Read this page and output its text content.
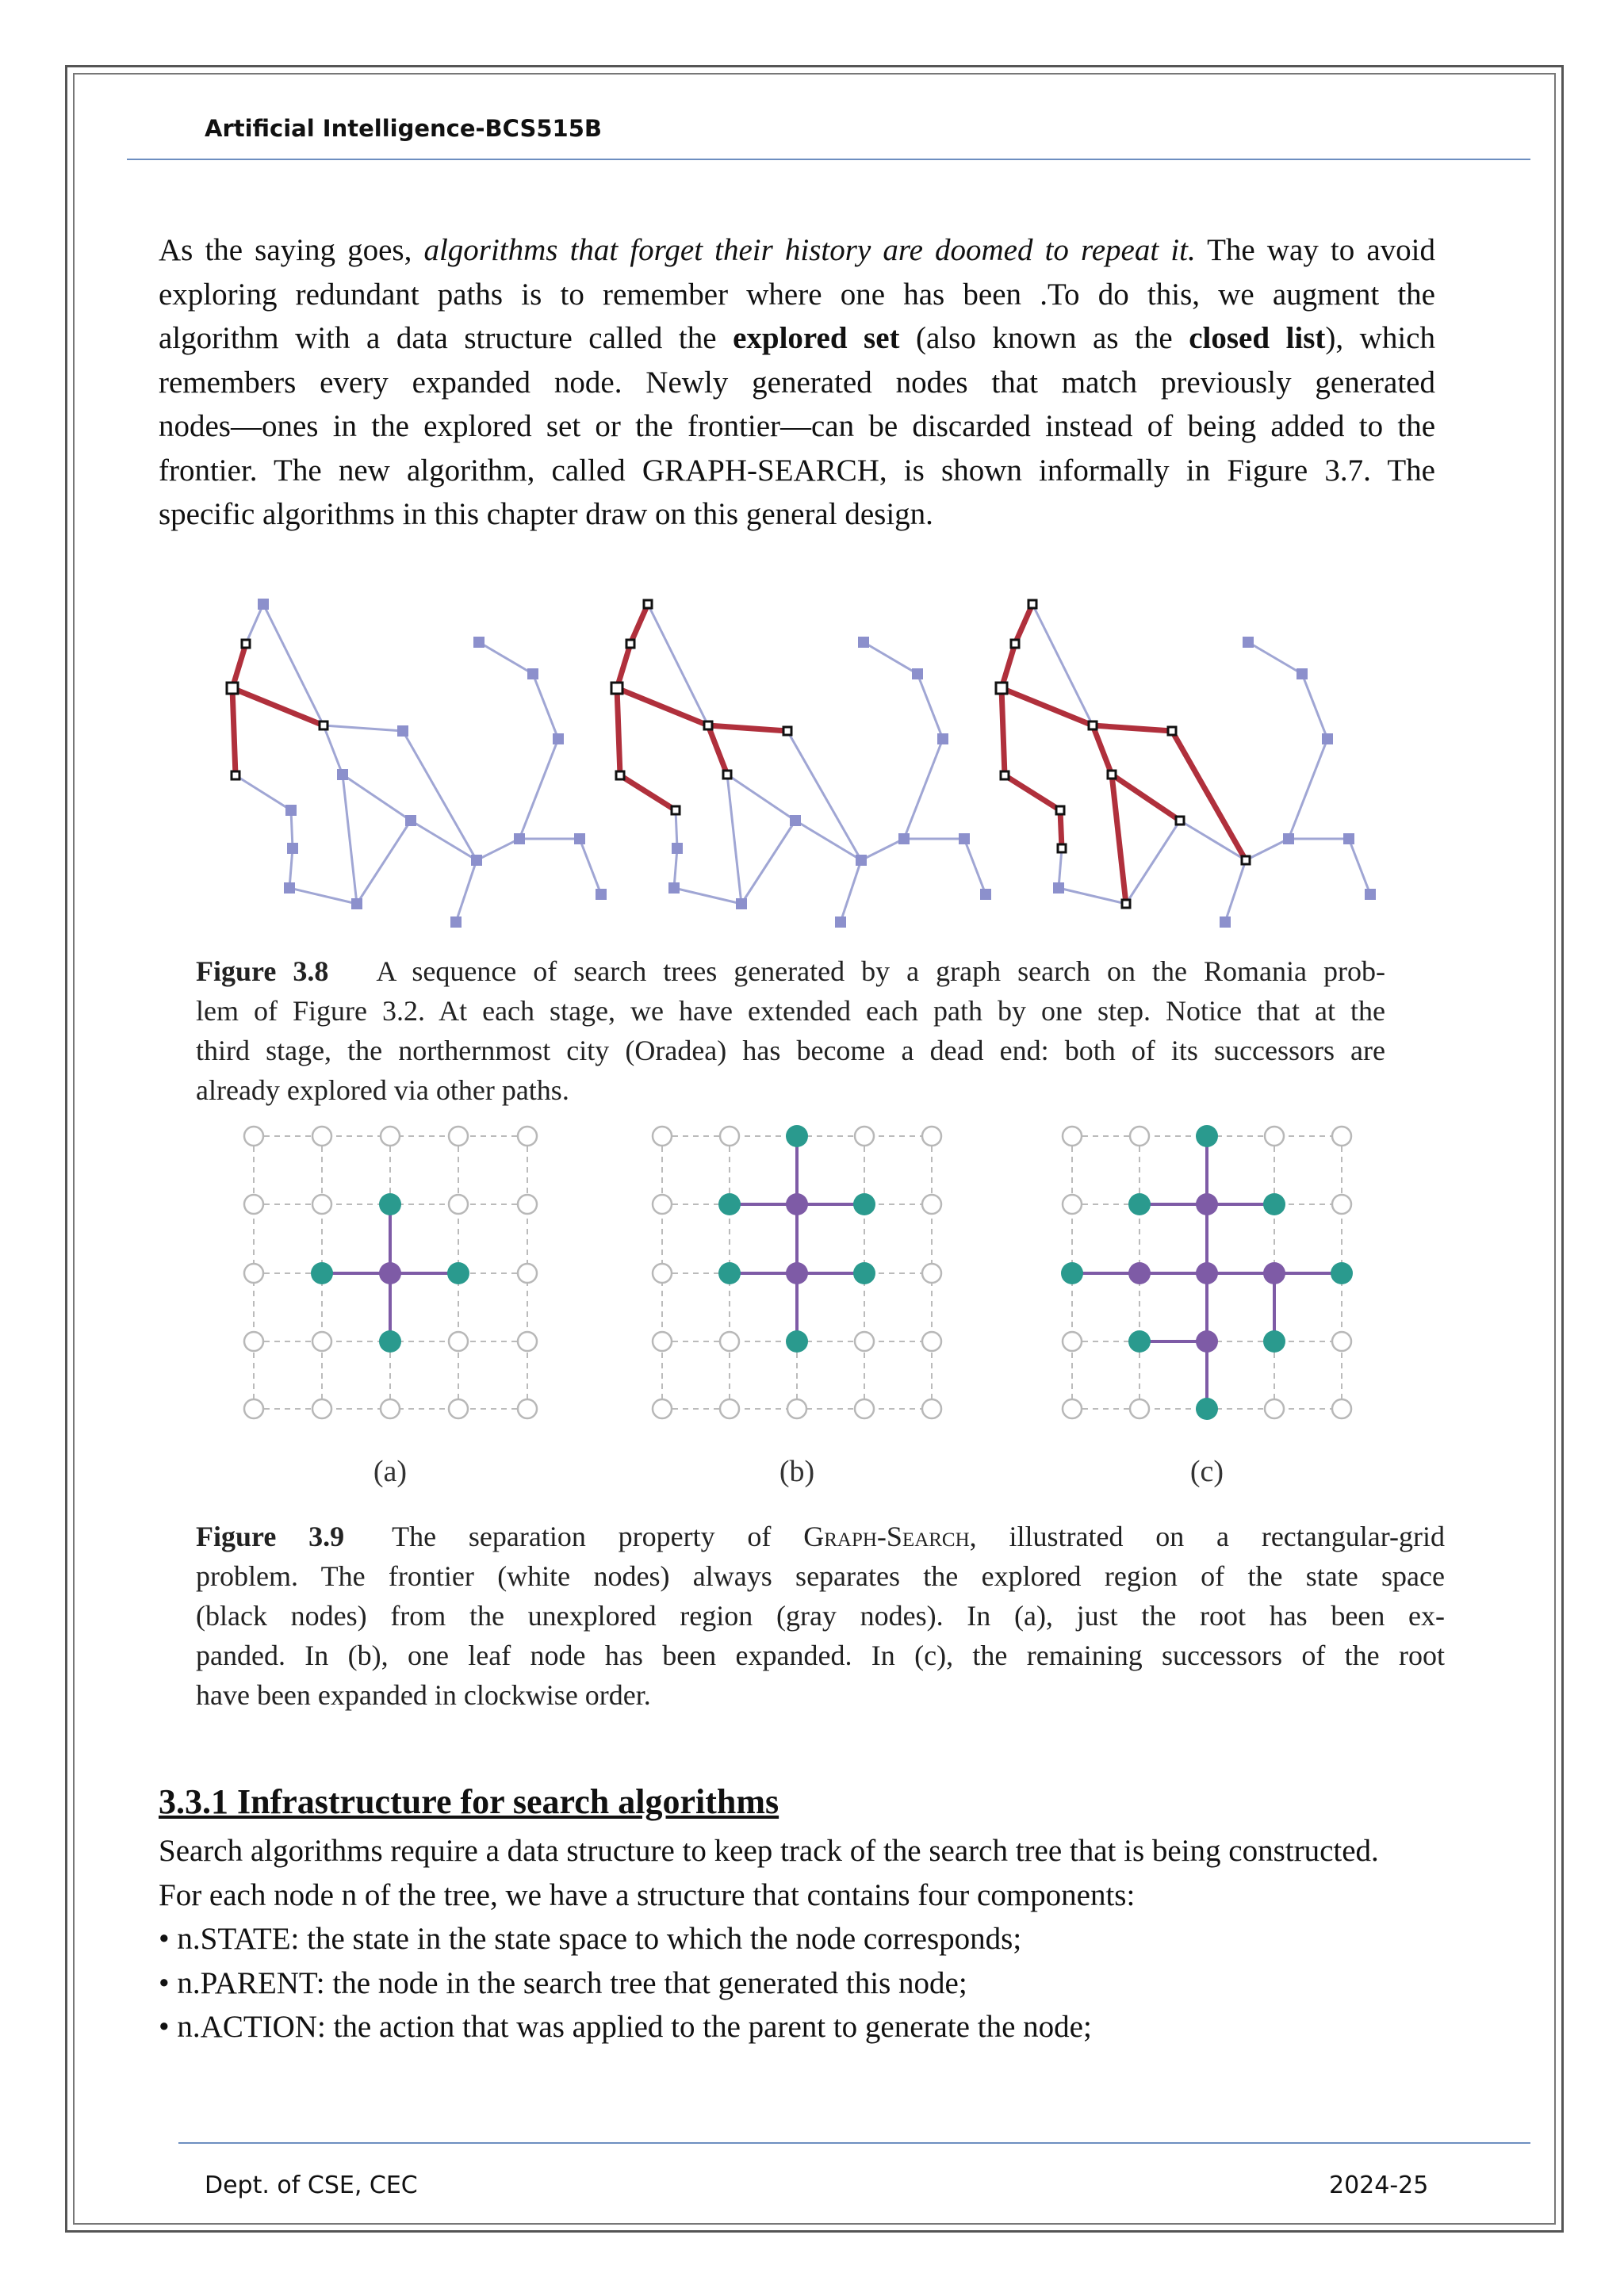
Artificial Intelligence-BCS515B
As the saying goes, algorithms that forget their history are doomed to repeat it. The way to avoid
exploring redundant paths is to remember where one has been .To do this, we augment the
algorithm with a data structure called the explored set (also known as the closed list), which
remembers every expanded node. Newly generated nodes that match previously generated
nodes—ones in the explored set or the frontier—can be discarded instead of being added to the
frontier. The new algorithm, called GRAPH-SEARCH, is shown informally in Figure 3.7. The
specific algorithms in this chapter draw on this general design.
(a)	(b)	(c)
Figure 3.8 A sequence of search trees generated by a graph search on the Romania prob-
lem of Figure 3.2. At each stage, we have extended each path by one step. Notice that at the
third stage, the northernmost city (Oradea) has become a dead end: both of its successors are
already explored via other paths.
Figure 3.9 The separation property of Graph-Search, illustrated on a rectangular-grid
problem. The frontier (white nodes) always separates the explored region of the state space
(black nodes) from the unexplored region (gray nodes). In (a), just the root has been ex-
panded. In (b), one leaf node has been expanded. In (c), the remaining successors of the root
have been expanded in clockwise order.
3.3.1 Infrastructure for search algorithms
Search algorithms require a data structure to keep track of the search tree that is being constructed.
For each node n of the tree, we have a structure that contains four components:
• n.STATE: the state in the state space to which the node corresponds;
• n.PARENT: the node in the search tree that generated this node;
• n.ACTION: the action that was applied to the parent to generate the node;
Dept. of CSE, CEC	2024-25
